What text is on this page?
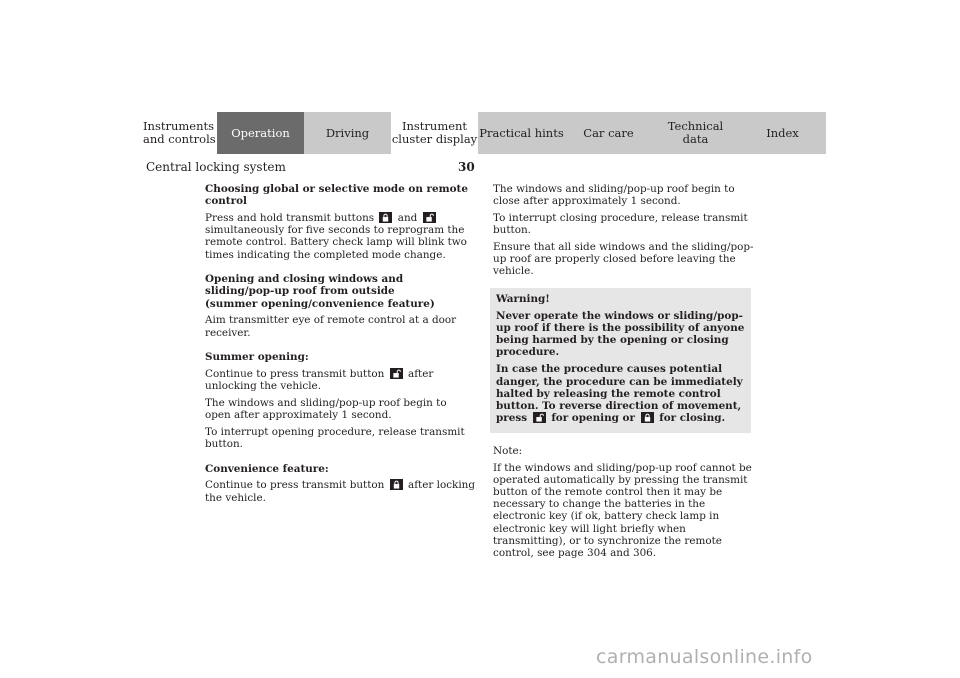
Instruments
and controls	Operation	Driving	Instrument
cluster display Practical hints	Car care	Technical
data	Index
Central locking system	30
Choosing global or selective mode on remote control

Press and hold transmit buttons and
simultaneously for five seconds to reprogram the remote control. Battery check lamp will blink two times indicating the completed mode change.

Opening and closing windows and
sliding/pop-up roof from outside
(summer opening/convenience feature)

Aim transmitter eye of remote control at a door receiver.

Summer opening:

Continue to press transmit button after unlocking the vehicle.

The windows and sliding/pop-up roof begin to open after approximately 1 second.

To interrupt opening procedure, release transmit button.

Convenience feature:

Continue to press transmit button after locking the vehicle.

The windows and sliding/pop-up roof begin to close after approximately 1 second.

To interrupt closing procedure, release transmit button.

Ensure that all side windows and the sliding/pop-up roof are properly closed before leaving the vehicle.

Warning!

Never operate the windows or sliding/pop-up roof if there is the possibility of anyone being harmed by the opening or closing procedure.

In case the procedure causes potential danger, the procedure can be immediately halted by releasing the remote control button. To reverse direction of movement, press for opening or for closing.

Note:

If the windows and sliding/pop-up roof cannot be operated automatically by pressing the transmit button of the remote control then it may be necessary to change the batteries in the electronic key (if ok, battery check lamp in electronic key will light briefly when transmitting), or to synchronize the remote control, see page 304 and 306.

carmanualsonline.info
